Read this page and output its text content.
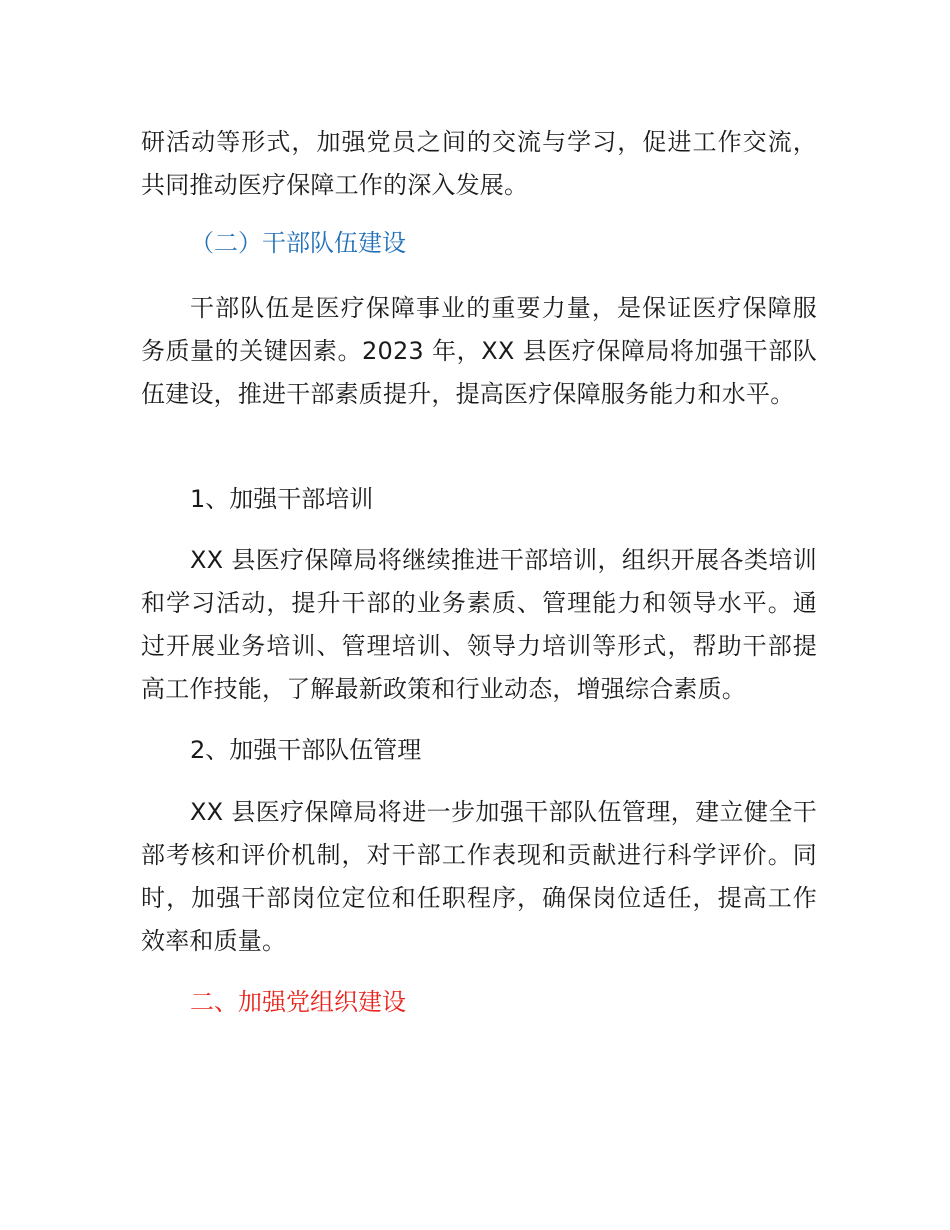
研活动等形式，加强党员之间的交流与学习，促进工作交流，共同推动医疗保障工作的深入发展。

（二）干部队伍建设

干部队伍是医疗保障事业的重要力量，是保证医疗保障服务质量的关键因素。2023 年，XX 县医疗保障局将加强干部队伍建设，推进干部素质提升，提高医疗保障服务能力和水平。

1、加强干部培训

XX 县医疗保障局将继续推进干部培训，组织开展各类培训和学习活动，提升干部的业务素质、管理能力和领导水平。通过开展业务培训、管理培训、领导力培训等形式，帮助干部提高工作技能，了解最新政策和行业动态，增强综合素质。

2、加强干部队伍管理

XX 县医疗保障局将进一步加强干部队伍管理，建立健全干部考核和评价机制，对干部工作表现和贡献进行科学评价。同时，加强干部岗位定位和任职程序，确保岗位适任，提高工作效率和质量。

二、加强党组织建设
